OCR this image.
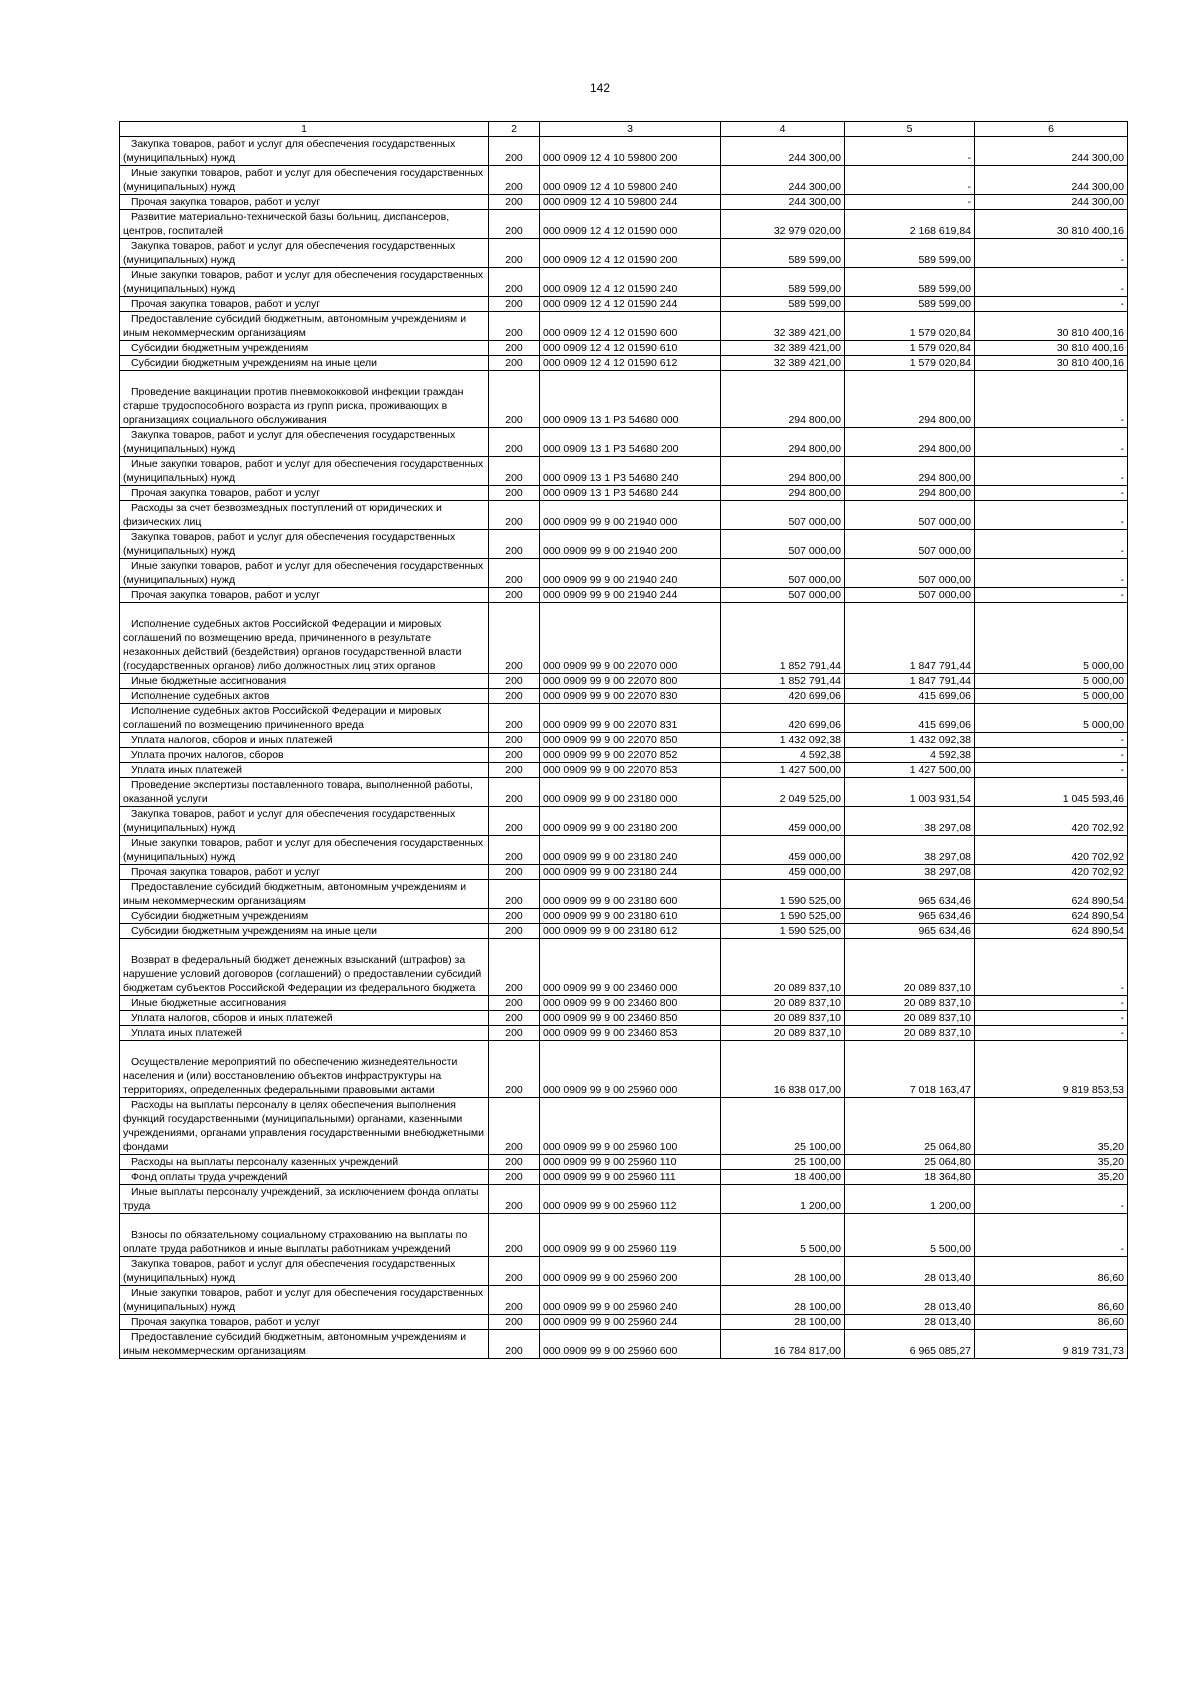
142
1	2	3	4	5	6
Закупка товаров, работ и услуг для обеспечения государственных (муниципальных) нужд	200	000 0909 12 4 10 59800 200	244 300,00	-	244 300,00
Иные закупки товаров, работ и услуг для обеспечения государственных (муниципальных) нужд	200	000 0909 12 4 10 59800 240	244 300,00	-	244 300,00
Прочая закупка товаров, работ и услуг	200	000 0909 12 4 10 59800 244	244 300,00	-	244 300,00
Развитие материально-технической базы больниц, диспансеров, центров, госпиталей	200	000 0909 12 4 12 01590 000	32 979 020,00	2 168 619,84	30 810 400,16
Закупка товаров, работ и услуг для обеспечения государственных (муниципальных) нужд	200	000 0909 12 4 12 01590 200	589 599,00	589 599,00	-
Иные закупки товаров, работ и услуг для обеспечения государственных (муниципальных) нужд	200	000 0909 12 4 12 01590 240	589 599,00	589 599,00	-
Прочая закупка товаров, работ и услуг	200	000 0909 12 4 12 01590 244	589 599,00	589 599,00	-
Предоставление субсидий бюджетным, автономным учреждениям и иным некоммерческим организациям	200	000 0909 12 4 12 01590 600	32 389 421,00	1 579 020,84	30 810 400,16
Субсидии бюджетным учреждениям	200	000 0909 12 4 12 01590 610	32 389 421,00	1 579 020,84	30 810 400,16
Субсидии бюджетным учреждениям на иные цели	200	000 0909 12 4 12 01590 612	32 389 421,00	1 579 020,84	30 810 400,16
Проведение вакцинации против пневмококковой инфекции граждан старше трудоспособного возраста из групп риска, проживающих в организациях социального обслуживания	200	000 0909 13 1 P3 54680 000	294 800,00	294 800,00	-
Закупка товаров, работ и услуг для обеспечения государственных (муниципальных) нужд	200	000 0909 13 1 P3 54680 200	294 800,00	294 800,00	-
Иные закупки товаров, работ и услуг для обеспечения государственных (муниципальных) нужд	200	000 0909 13 1 P3 54680 240	294 800,00	294 800,00	-
Прочая закупка товаров, работ и услуг	200	000 0909 13 1 P3 54680 244	294 800,00	294 800,00	-
Расходы за счет безвозмездных поступлений от юридических и физических лиц	200	000 0909 99 9 00 21940 000	507 000,00	507 000,00	-
Закупка товаров, работ и услуг для обеспечения государственных (муниципальных) нужд	200	000 0909 99 9 00 21940 200	507 000,00	507 000,00	-
Иные закупки товаров, работ и услуг для обеспечения государственных (муниципальных) нужд	200	000 0909 99 9 00 21940 240	507 000,00	507 000,00	-
Прочая закупка товаров, работ и услуг	200	000 0909 99 9 00 21940 244	507 000,00	507 000,00	-
Исполнение судебных актов Российской Федерации и мировых соглашений по возмещению вреда, причиненного в результате незаконных действий (бездействия) органов государственной власти (государственных органов) либо должностных лиц этих органов	200	000 0909 99 9 00 22070 000	1 852 791,44	1 847 791,44	5 000,00
Иные бюджетные ассигнования	200	000 0909 99 9 00 22070 800	1 852 791,44	1 847 791,44	5 000,00
Исполнение судебных актов	200	000 0909 99 9 00 22070 830	420 699,06	415 699,06	5 000,00
Исполнение судебных актов Российской Федерации и мировых соглашений по возмещению причиненного вреда	200	000 0909 99 9 00 22070 831	420 699,06	415 699,06	5 000,00
Уплата налогов, сборов и иных платежей	200	000 0909 99 9 00 22070 850	1 432 092,38	1 432 092,38	-
Уплата прочих налогов, сборов	200	000 0909 99 9 00 22070 852	4 592,38	4 592,38	-
Уплата иных платежей	200	000 0909 99 9 00 22070 853	1 427 500,00	1 427 500,00	-
Проведение экспертизы поставленного товара, выполненной работы, оказанной услуги	200	000 0909 99 9 00 23180 000	2 049 525,00	1 003 931,54	1 045 593,46
Закупка товаров, работ и услуг для обеспечения государственных (муниципальных) нужд	200	000 0909 99 9 00 23180 200	459 000,00	38 297,08	420 702,92
Иные закупки товаров, работ и услуг для обеспечения государственных (муниципальных) нужд	200	000 0909 99 9 00 23180 240	459 000,00	38 297,08	420 702,92
Прочая закупка товаров, работ и услуг	200	000 0909 99 9 00 23180 244	459 000,00	38 297,08	420 702,92
Предоставление субсидий бюджетным, автономным учреждениям и иным некоммерческим организациям	200	000 0909 99 9 00 23180 600	1 590 525,00	965 634,46	624 890,54
Субсидии бюджетным учреждениям	200	000 0909 99 9 00 23180 610	1 590 525,00	965 634,46	624 890,54
Субсидии бюджетным учреждениям на иные цели	200	000 0909 99 9 00 23180 612	1 590 525,00	965 634,46	624 890,54
Возврат в федеральный бюджет денежных взысканий (штрафов) за нарушение условий договоров (соглашений) о предоставлении субсидий бюджетам субъектов Российской Федерации из федерального бюджета	200	000 0909 99 9 00 23460 000	20 089 837,10	20 089 837,10	-
Иные бюджетные ассигнования	200	000 0909 99 9 00 23460 800	20 089 837,10	20 089 837,10	-
Уплата налогов, сборов и иных платежей	200	000 0909 99 9 00 23460 850	20 089 837,10	20 089 837,10	-
Уплата иных платежей	200	000 0909 99 9 00 23460 853	20 089 837,10	20 089 837,10	-
Осуществление мероприятий по обеспечению жизнедеятельности населения и (или) восстановлению объектов инфраструктуры на территориях, определенных федеральными правовыми актами	200	000 0909 99 9 00 25960 000	16 838 017,00	7 018 163,47	9 819 853,53
Расходы на выплаты персоналу в целях обеспечения выполнения функций государственными (муниципальными) органами, казенными учреждениями, органами управления государственными внебюджетными фондами	200	000 0909 99 9 00 25960 100	25 100,00	25 064,80	35,20
Расходы на выплаты персоналу казенных учреждений	200	000 0909 99 9 00 25960 110	25 100,00	25 064,80	35,20
Фонд оплаты труда учреждений	200	000 0909 99 9 00 25960 111	18 400,00	18 364,80	35,20
Иные выплаты персоналу учреждений, за исключением фонда оплаты труда	200	000 0909 99 9 00 25960 112	1 200,00	1 200,00	-
Взносы по обязательному социальному страхованию на выплаты по оплате труда работников и иные выплаты работникам учреждений	200	000 0909 99 9 00 25960 119	5 500,00	5 500,00	-
Закупка товаров, работ и услуг для обеспечения государственных (муниципальных) нужд	200	000 0909 99 9 00 25960 200	28 100,00	28 013,40	86,60
Иные закупки товаров, работ и услуг для обеспечения государственных (муниципальных) нужд	200	000 0909 99 9 00 25960 240	28 100,00	28 013,40	86,60
Прочая закупка товаров, работ и услуг	200	000 0909 99 9 00 25960 244	28 100,00	28 013,40	86,60
Предоставление субсидий бюджетным, автономным учреждениям и иным некоммерческим организациям	200	000 0909 99 9 00 25960 600	16 784 817,00	6 965 085,27	9 819 731,73
